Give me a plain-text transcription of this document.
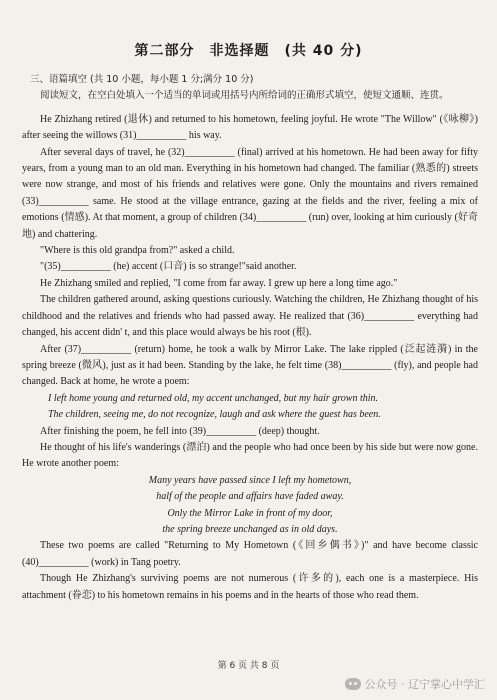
第二部分　非选择题　(共 40 分)

三、语篇填空 (共 10 小题，每小题 1 分;满分 10 分)

阅读短文，在空白处填入一个适当的单词或用括号内所给词的正确形式填空，使短文通顺、连贯。

He Zhizhang retired (退休) and returned to his hometown, feeling joyful. He wrote "The Willow" (《咏柳》) after seeing the willows (31)__________ his way.

After several days of travel, he (32)__________ (final) arrived at his hometown. He had been away for fifty years, from a young man to an old man. Everything in his hometown had changed. The familiar (熟悉的) streets were now strange, and most of his friends and relatives were gone. Only the mountains and rivers remained (33)__________ same. He stood at the village entrance, gazing at the fields and the river, feeling a mix of emotions (情感). At that moment, a group of children (34)__________ (run) over, looking at him curiously (好奇地) and chattering.

"Where is this old grandpa from?" asked a child.

"(35)__________ (he) accent (口音) is so strange!"said another.

He Zhizhang smiled and replied, "I come from far away. I grew up here a long time ago."

The children gathered around, asking questions curiously. Watching the children, He Zhizhang thought of his childhood and the relatives and friends who had passed away. He realized that (36)__________ everything had changed, his accent didn' t, and this place would always be his root (根).

After (37)__________ (return) home, he took a walk by Mirror Lake. The lake rippled (泛起涟漪) in the spring breeze (微风), just as it had been. Standing by the lake, he felt time (38)__________ (fly), and people had changed. Back at home, he wrote a poem:

I left home young and returned old, my accent unchanged, but my hair grown thin.

The children, seeing me, do not recognize, laugh and ask where the guest has been.

After finishing the poem, he fell into (39)__________ (deep) thought.

He thought of his life's wanderings (漂泊) and the people who had once been by his side but were now gone. He wrote another poem:

Many years have passed since I left my hometown,

half of the people and affairs have faded away.

Only the Mirror Lake in front of my door,

the spring breeze unchanged as in old days.

These two poems are called "Returning to My Hometown (《回乡偶书》)" and have become classic (40)__________ (work) in Tang poetry.

Though He Zhizhang's surviving poems are not numerous (许多的), each one is a masterpiece. His attachment (眷恋) to his hometown remains in his poems and in the hearts of those who read them.

第 6 页 共 8 页
公众号 · 辽宁掌心中学汇
